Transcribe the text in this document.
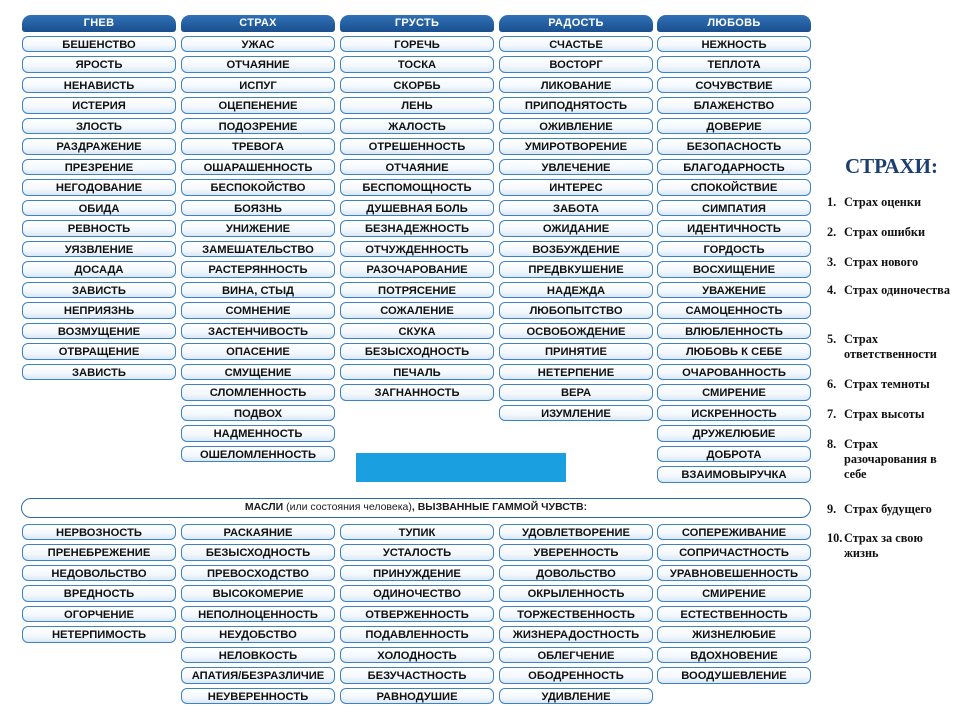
ГНЕВ
БЕШЕНСТВО
ЯРОСТЬ
НЕНАВИСТЬ
ИСТЕРИЯ
ЗЛОСТЬ
РАЗДРАЖЕНИЕ
ПРЕЗРЕНИЕ
НЕГОДОВАНИЕ
ОБИДА
РЕВНОСТЬ
УЯЗВЛЕНИЕ
ДОСАДА
ЗАВИСТЬ
НЕПРИЯЗНЬ
ВОЗМУЩЕНИЕ
ОТВРАЩЕНИЕ
ЗАВИСТЬ
СТРАХ
УЖАС
ОТЧАЯНИЕ
ИСПУГ
ОЦЕПЕНЕНИЕ
ПОДОЗРЕНИЕ
ТРЕВОГА
ОШАРАШЕННОСТЬ
БЕСПОКОЙСТВО
БОЯЗНЬ
УНИЖЕНИЕ
ЗАМЕШАТЕЛЬСТВО
РАСТЕРЯННОСТЬ
ВИНА, СТЫД
СОМНЕНИЕ
ЗАСТЕНЧИВОСТЬ
ОПАСЕНИЕ
СМУЩЕНИЕ
СЛОМЛЕННОСТЬ
ПОДВОХ
НАДМЕННОСТЬ
ОШЕЛОМЛЕННОСТЬ
ГРУСТЬ
ГОРЕЧЬ
ТОСКА
СКОРБЬ
ЛЕНЬ
ЖАЛОСТЬ
ОТРЕШЕННОСТЬ
ОТЧАЯНИЕ
БЕСПОМОЩНОСТЬ
ДУШЕВНАЯ БОЛЬ
БЕЗНАДЕЖНОСТЬ
ОТЧУЖДЕННОСТЬ
РАЗОЧАРОВАНИЕ
ПОТРЯСЕНИЕ
СОЖАЛЕНИЕ
СКУКА
БЕЗЫСХОДНОСТЬ
ПЕЧАЛЬ
ЗАГНАННОСТЬ
РАДОСТЬ
СЧАСТЬЕ
ВОСТОРГ
ЛИКОВАНИЕ
ПРИПОДНЯТОСТЬ
ОЖИВЛЕНИЕ
УМИРОТВОРЕНИЕ
УВЛЕЧЕНИЕ
ИНТЕРЕС
ЗАБОТА
ОЖИДАНИЕ
ВОЗБУЖДЕНИЕ
ПРЕДВКУШЕНИЕ
НАДЕЖДА
ЛЮБОПЫТСТВО
ОСВОБОЖДЕНИЕ
ПРИНЯТИЕ
НЕТЕРПЕНИЕ
ВЕРА
ИЗУМЛЕНИЕ
ЛЮБОВЬ
НЕЖНОСТЬ
ТЕПЛОТА
СОЧУВСТВИЕ
БЛАЖЕНСТВО
ДОВЕРИЕ
БЕЗОПАСНОСТЬ
БЛАГОДАРНОСТЬ
СПОКОЙСТВИЕ
СИМПАТИЯ
ИДЕНТИЧНОСТЬ
ГОРДОСТЬ
ВОСХИЩЕНИЕ
УВАЖЕНИЕ
САМОЦЕННОСТЬ
ВЛЮБЛЕННОСТЬ
ЛЮБОВЬ К СЕБЕ
ОЧАРОВАННОСТЬ
СМИРЕНИЕ
ИСКРЕННОСТЬ
ДРУЖЕЛЮБИЕ
ДОБРОТА
ВЗАИМОВЫРУЧКА
МАСЛИ (или состояния человека), ВЫЗВАННЫЕ ГАММОЙ ЧУВСТВ:
НЕРВОЗНОСТЬ
ПРЕНЕБРЕЖЕНИЕ
НЕДОВОЛЬСТВО
ВРЕДНОСТЬ
ОГОРЧЕНИЕ
НЕТЕРПИМОСТЬ
РАСКАЯНИЕ
БЕЗЫСХОДНОСТЬ
ПРЕВОСХОДСТВО
ВЫСОКОМЕРИЕ
НЕПОЛНОЦЕННОСТЬ
НЕУДОБСТВО
НЕЛОВКОСТЬ
АПАТИЯ/БЕЗРАЗЛИЧИЕ
НЕУВЕРЕННОСТЬ
ТУПИК
УСТАЛОСТЬ
ПРИНУЖДЕНИЕ
ОДИНОЧЕСТВО
ОТВЕРЖЕННОСТЬ
ПОДАВЛЕННОСТЬ
ХОЛОДНОСТЬ
БЕЗУЧАСТНОСТЬ
РАВНОДУШИЕ
УДОВЛЕТВОРЕНИЕ
УВЕРЕННОСТЬ
ДОВОЛЬСТВО
ОКРЫЛЕННОСТЬ
ТОРЖЕСТВЕННОСТЬ
ЖИЗНЕРАДОСТНОСТЬ
ОБЛЕГЧЕНИЕ
ОБОДРЕННОСТЬ
УДИВЛЕНИЕ
СОПЕРЕЖИВАНИЕ
СОПРИЧАСТНОСТЬ
УРАВНОВЕШЕННОСТЬ
СМИРЕНИЕ
ЕСТЕСТВЕННОСТЬ
ЖИЗНЕЛЮБИЕ
ВДОХНОВЕНИЕ
ВООДУШЕВЛЕНИЕ
СТРАХИ:
1. Страх оценки
2. Страх ошибки
3. Страх нового
4. Страх одиночества
5. Страх ответственности
6. Страх темноты
7. Страх высоты
8. Страх разочарования в себе
9. Страх будущего
10. Страх за свою жизнь
